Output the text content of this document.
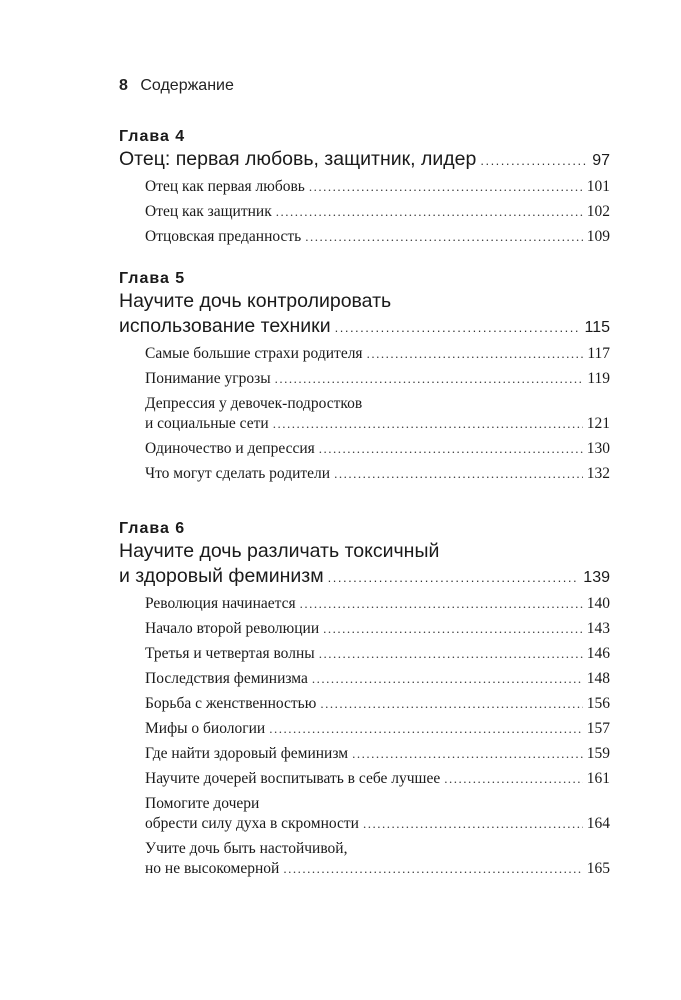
8 Содержание
Глава 4
Отец: первая любовь, защитник, лидер .....	97
Отец как первая любовь .....	101
Отец как защитник .....	102
Отцовская преданность .....	109
Глава 5
Научите дочь контролировать
использование техники .....	115
Самые большие страхи родителя .....	117
Понимание угрозы .....	119
Депрессия у девочек-подростков
и социальные сети .....	121
Одиночество и депрессия .....	130
Что могут сделать родители .....	132
Глава 6
Научите дочь различать токсичный
и здоровый феминизм .....	139
Революция начинается .....	140
Начало второй революции .....	143
Третья и четвертая волны .....	146
Последствия феминизма .....	148
Борьба с женственностью .....	156
Мифы о биологии .....	157
Где найти здоровый феминизм .....	159
Научите дочерей воспитывать в себе лучшее .....	161
Помогите дочери
обрести силу духа в скромности .....	164
Учите дочь быть настойчивой,
но не высокомерной .....	165
